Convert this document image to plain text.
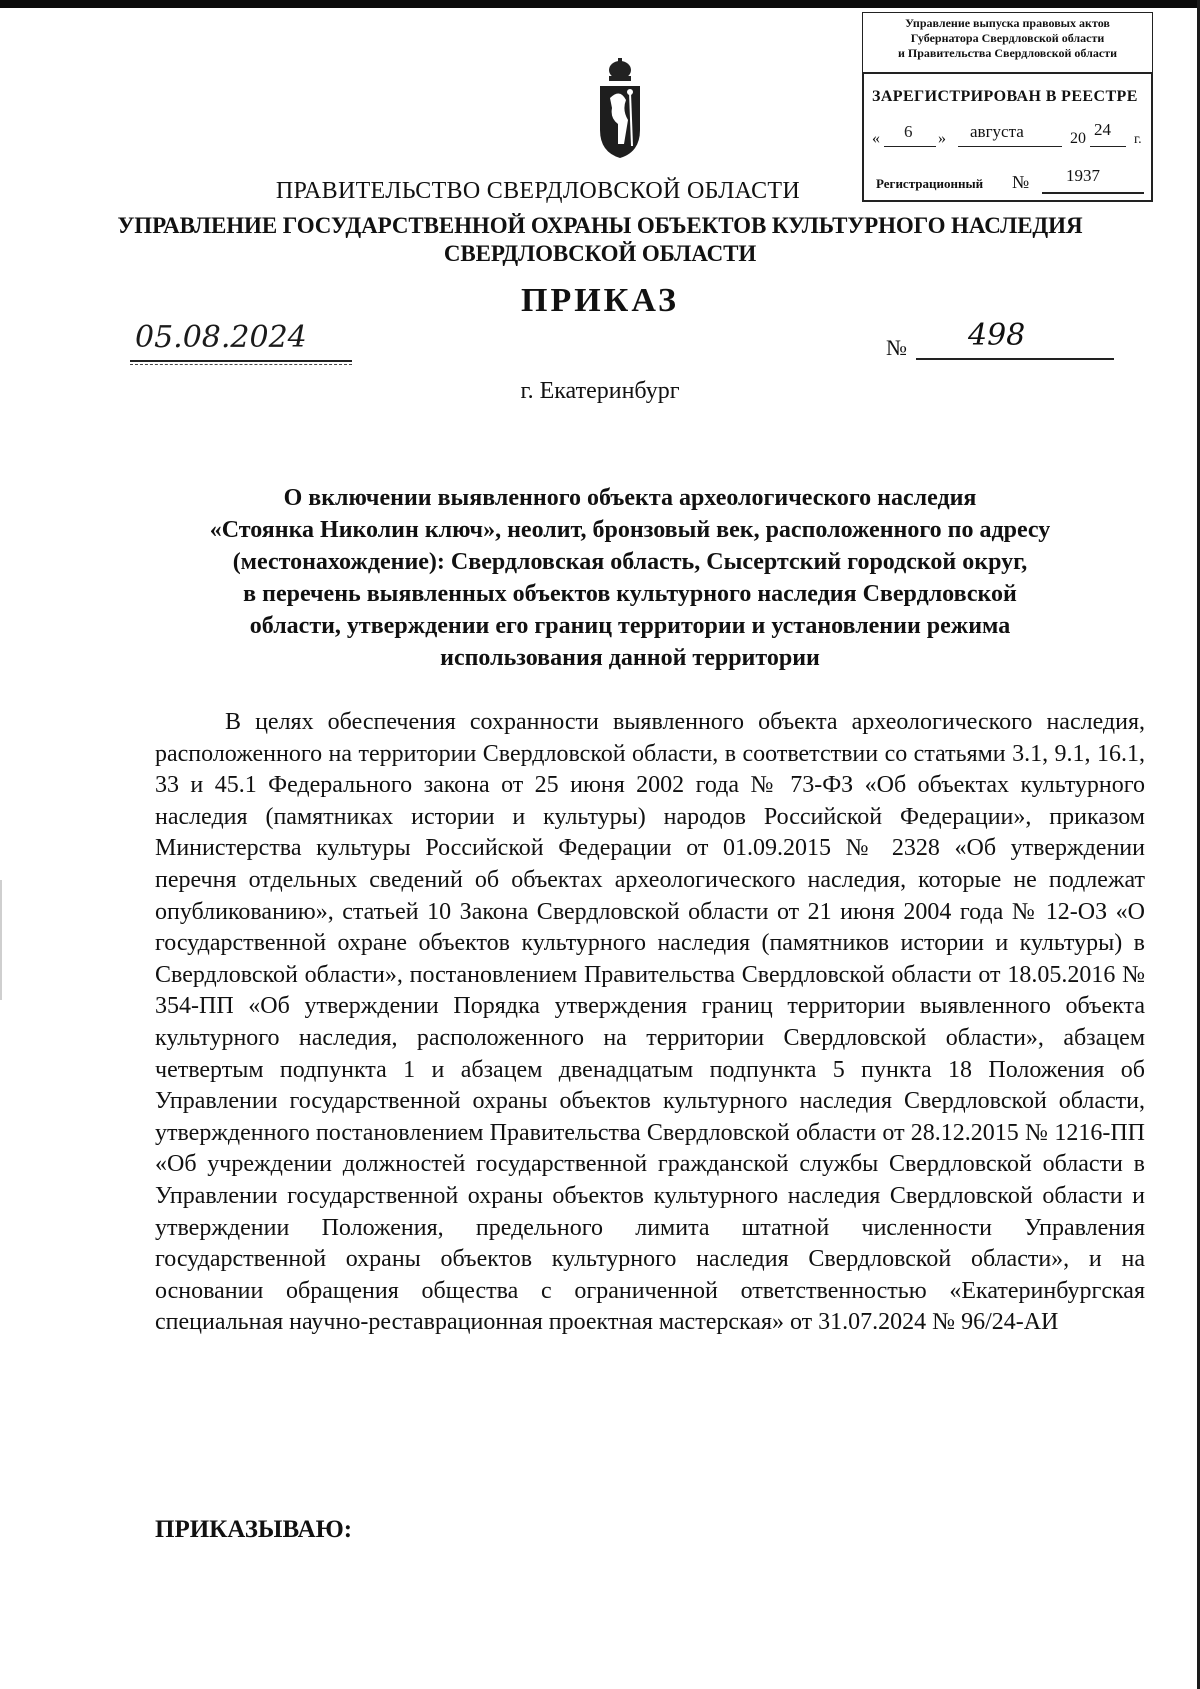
Управление выпуска правовых актов
Губернатора Свердловской области
и Правительства Свердловской области
ЗАРЕГИСТРИРОВАН В РЕЕСТРЕ
« 6 » августа	20 24
г.
Регистрационный № 1937
ПРАВИТЕЛЬСТВО СВЕРДЛОВСКОЙ ОБЛАСТИ
УПРАВЛЕНИЕ ГОСУДАРСТВЕННОЙ ОХРАНЫ ОБЪЕКТОВ КУЛЬТУРНОГО НАСЛЕДИЯ
СВЕРДЛОВСКОЙ ОБЛАСТИ
ПРИКАЗ
05.08.2024	№ 498
г. Екатеринбург
О включении выявленного объекта археологического наследия
«Стоянка Николин ключ», неолит, бронзовый век, расположенного по адресу
(местонахождение): Свердловская область, Сысертский городской округ,
в перечень выявленных объектов культурного наследия Свердловской
области, утверждении его границ территории и установлении режима
использования данной территории
В целях обеспечения сохранности выявленного объекта археологического наследия, расположенного на территории Свердловской области, в соответствии со статьями 3.1, 9.1, 16.1, 33 и 45.1 Федерального закона от 25 июня 2002 года № 73-ФЗ «Об объектах культурного наследия (памятниках истории и культуры) народов Российской Федерации», приказом Министерства культуры Российской Федерации от 01.09.2015 № 2328 «Об утверждении перечня отдельных сведений об объектах археологического наследия, которые не подлежат опубликованию», статьей 10 Закона Свердловской области от 21 июня 2004 года № 12-ОЗ «О государственной охране объектов культурного наследия (памятников истории и культуры) в Свердловской области», постановлением Правительства Свердловской области от 18.05.2016 № 354-ПП «Об утверждении Порядка утверждения границ территории выявленного объекта культурного наследия, расположенного на территории Свердловской области», абзацем четвертым подпункта 1 и абзацем двенадцатым подпункта 5 пункта 18 Положения об Управлении государственной охраны объектов культурного наследия Свердловской области, утвержденного постановлением Правительства Свердловской области от 28.12.2015 № 1216-ПП «Об учреждении должностей государственной гражданской службы Свердловской области в Управлении государственной охраны объектов культурного наследия Свердловской области и утверждении Положения, предельного лимита штатной численности Управления государственной охраны объектов культурного наследия Свердловской области», и на основании обращения общества с ограниченной ответственностью «Екатеринбургская специальная научно-реставрационная проектная мастерская» от 31.07.2024 № 96/24-АИ
ПРИКАЗЫВАЮ:
